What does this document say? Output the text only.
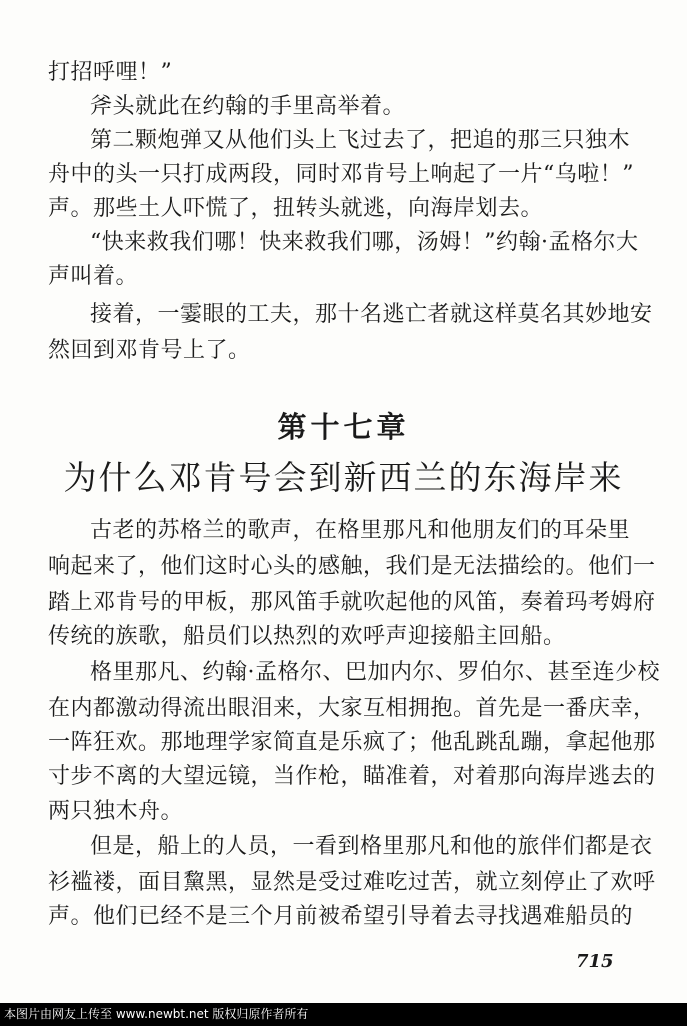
打招呼哩！”
斧头就此在约翰的手里高举着。
第二颗炮弹又从他们头上飞过去了，把追的那三只独木
舟中的头一只打成两段，同时邓肯号上响起了一片“乌啦！”
声。那些土人吓慌了，扭转头就逃，向海岸划去。
“快来救我们哪！快来救我们哪，汤姆！”约翰·孟格尔大
声叫着。
接着，一霎眼的工夫，那十名逃亡者就这样莫名其妙地安
然回到邓肯号上了。
第十七章
为什么邓肯号会到新西兰的东海岸来
古老的苏格兰的歌声，在格里那凡和他朋友们的耳朵里
响起来了，他们这时心头的感触，我们是无法描绘的。他们一
踏上邓肯号的甲板，那风笛手就吹起他的风笛，奏着玛考姆府
传统的族歌，船员们以热烈的欢呼声迎接船主回船。
格里那凡、约翰·孟格尔、巴加内尔、罗伯尔、甚至连少校
在内都激动得流出眼泪来，大家互相拥抱。首先是一番庆幸，
一阵狂欢。那地理学家简直是乐疯了；他乱跳乱蹦，拿起他那
寸步不离的大望远镜，当作枪，瞄准着，对着那向海岸逃去的
两只独木舟。
但是，船上的人员，一看到格里那凡和他的旅伴们都是衣
衫褴褛，面目黧黑，显然是受过难吃过苦，就立刻停止了欢呼
声。他们已经不是三个月前被希望引导着去寻找遇难船员的
715
本图片由网友上传至 www.newbt.net 版权归原作者所有
